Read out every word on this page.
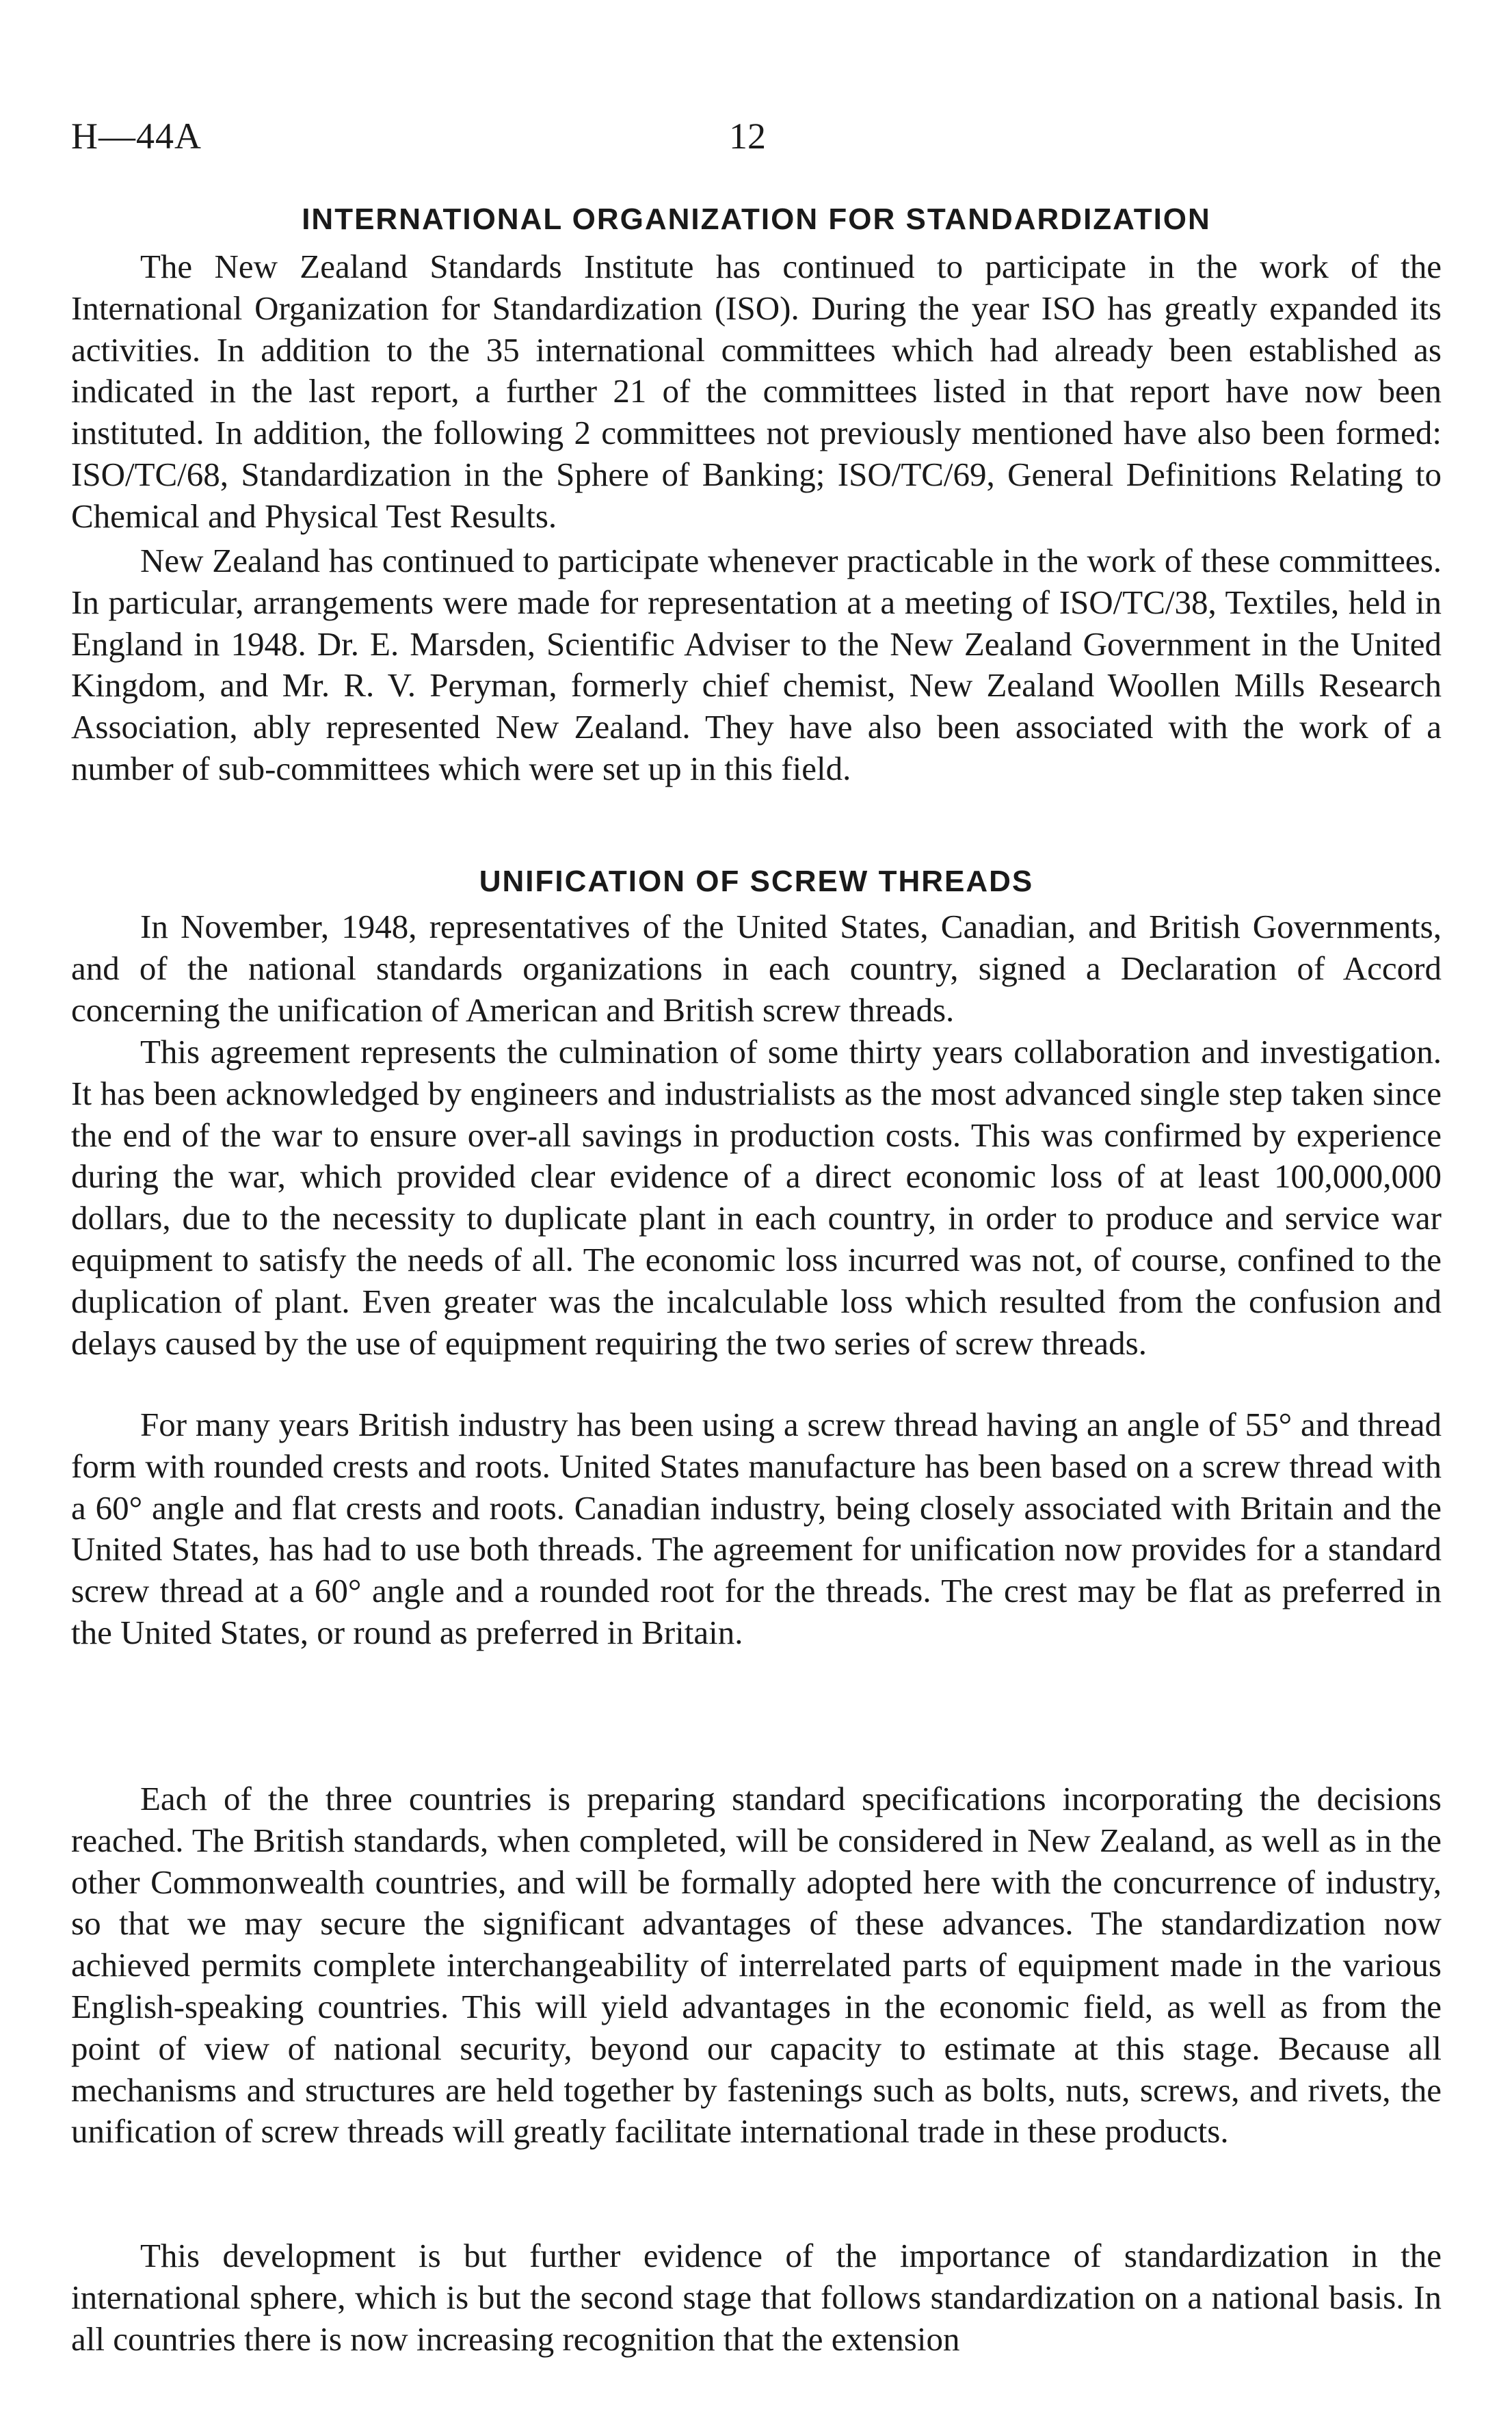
H—44A	12
INTERNATIONAL ORGANIZATION FOR STANDARDIZATION

The New Zealand Standards Institute has continued to participate in the work of the International Organization for Standardization (ISO). During the year ISO has greatly expanded its activities. In addition to the 35 international committees which had already been established as indicated in the last report, a further 21 of the committees listed in that report have now been instituted. In addition, the following 2 committees not previously mentioned have also been formed: ISO/TC/68, Standardization in the Sphere of Banking; ISO/TC/69, General Definitions Relating to Chemical and Physical Test Results.

New Zealand has continued to participate whenever practicable in the work of these committees. In particular, arrangements were made for representation at a meeting of ISO/TC/38, Textiles, held in England in 1948. Dr. E. Marsden, Scientific Adviser to the New Zealand Government in the United Kingdom, and Mr. R. V. Peryman, formerly chief chemist, New Zealand Woollen Mills Research Association, ably represented New Zealand. They have also been associated with the work of a number of sub-committees which were set up in this field.

UNIFICATION OF SCREW THREADS

In November, 1948, representatives of the United States, Canadian, and British Governments, and of the national standards organizations in each country, signed a Declaration of Accord concerning the unification of American and British screw threads.

This agreement represents the culmination of some thirty years collaboration and investigation. It has been acknowledged by engineers and industrialists as the most advanced single step taken since the end of the war to ensure over-all savings in production costs. This was confirmed by experience during the war, which provided clear evidence of a direct economic loss of at least 100,000,000 dollars, due to the necessity to duplicate plant in each country, in order to produce and service war equipment to satisfy the needs of all. The economic loss incurred was not, of course, confined to the duplication of plant. Even greater was the incalculable loss which resulted from the confusion and delays caused by the use of equipment requiring the two series of screw threads.

For many years British industry has been using a screw thread having an angle of 55° and thread form with rounded crests and roots. United States manufacture has been based on a screw thread with a 60° angle and flat crests and roots. Canadian industry, being closely associated with Britain and the United States, has had to use both threads. The agreement for unification now provides for a standard screw thread at a 60° angle and a rounded root for the threads. The crest may be flat as preferred in the United States, or round as preferred in Britain.

Each of the three countries is preparing standard specifications incorporating the decisions reached. The British standards, when completed, will be considered in New Zealand, as well as in the other Commonwealth countries, and will be formally adopted here with the concurrence of industry, so that we may secure the significant advantages of these advances. The standardization now achieved permits complete interchangeability of interrelated parts of equipment made in the various English-speaking countries. This will yield advantages in the economic field, as well as from the point of view of national security, beyond our capacity to estimate at this stage. Because all mechanisms and structures are held together by fastenings such as bolts, nuts, screws, and rivets, the unification of screw threads will greatly facilitate international trade in these products.

This development is but further evidence of the importance of standardization in the international sphere, which is but the second stage that follows standardization on a national basis. In all countries there is now increasing recognition that the extension
